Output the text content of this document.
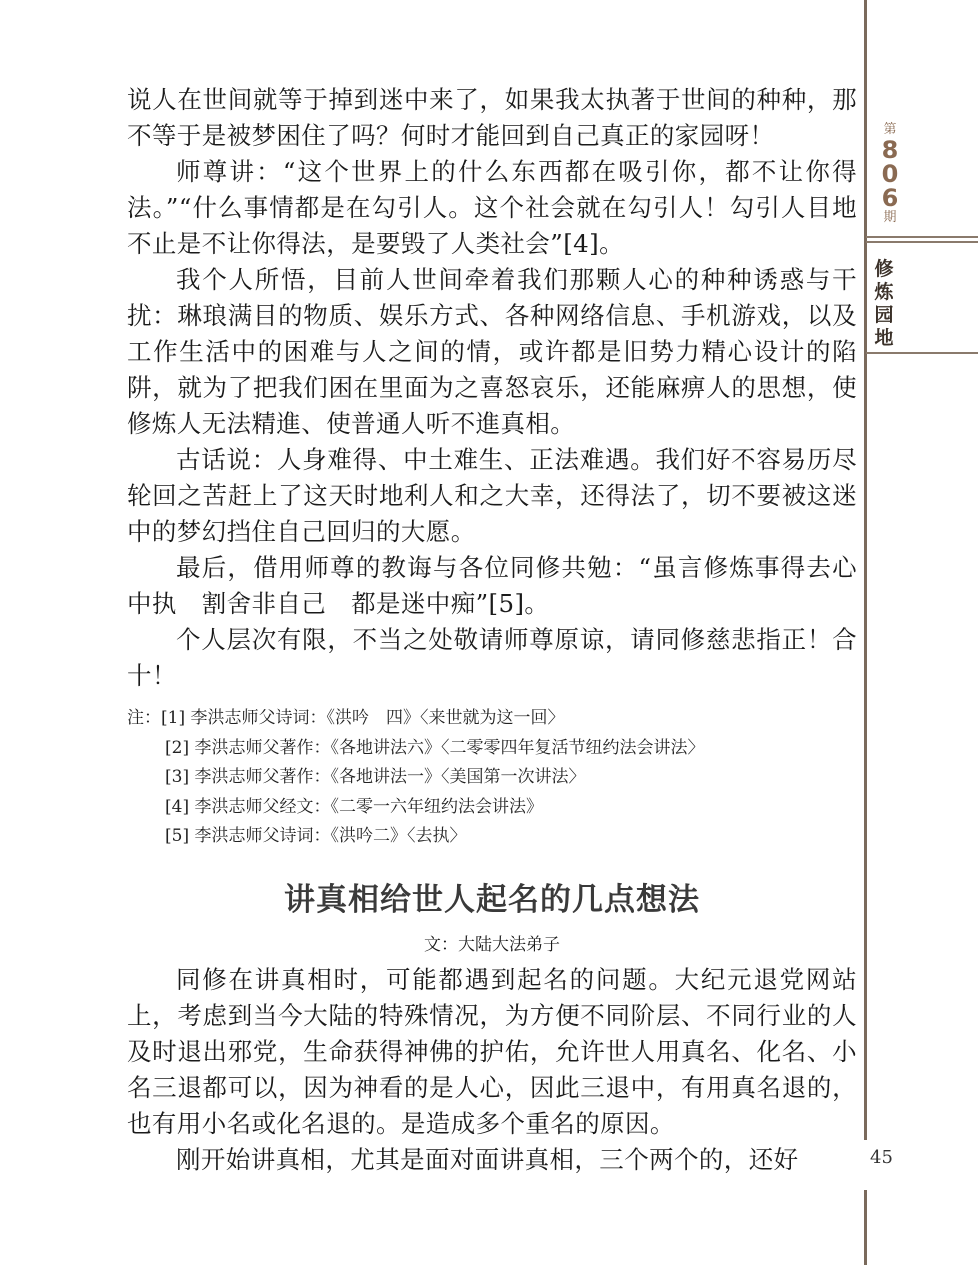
第
8
0
6
期
修
炼
园
地
45

说人在世间就等于掉到迷中来了，如果我太执著于世间的种种，那不等于是被梦困住了吗？何时才能回到自己真正的家园呀！

师尊讲：“这个世界上的什么东西都在吸引你，都不让你得法。”“什么事情都是在勾引人。这个社会就在勾引人！勾引人目地不止是不让你得法，是要毁了人类社会”[4]。

我个人所悟，目前人世间牵着我们那颗人心的种种诱惑与干扰：琳琅满目的物质、娱乐方式、各种网络信息、手机游戏，以及工作生活中的困难与人之间的情，或许都是旧势力精心设计的陷阱，就为了把我们困在里面为之喜怒哀乐，还能麻痹人的思想，使修炼人无法精進、使普通人听不進真相。

古话说：人身难得、中土难生、正法难遇。我们好不容易历尽轮回之苦赶上了这天时地利人和之大幸，还得法了，切不要被这迷中的梦幻挡住自己回归的大愿。

最后，借用师尊的教诲与各位同修共勉：“虽言修炼事得去心中执　割舍非自己　都是迷中痴”[5]。

个人层次有限，不当之处敬请师尊原谅，请同修慈悲指正！合十！

注：[1] 李洪志师父诗词：《洪吟　四》〈来世就为这一回〉
[2] 李洪志师父著作：《各地讲法六》〈二零零四年复活节纽约法会讲法〉
[3] 李洪志师父著作：《各地讲法一》〈美国第一次讲法〉
[4] 李洪志师父经文：《二零一六年纽约法会讲法》
[5] 李洪志师父诗词：《洪吟二》〈去执〉
讲真相给世人起名的几点想法
文：大陆大法弟子

同修在讲真相时，可能都遇到起名的问题。大纪元退党网站上，考虑到当今大陆的特殊情况，为方便不同阶层、不同行业的人及时退出邪党，生命获得神佛的护佑，允许世人用真名、化名、小名三退都可以，因为神看的是人心，因此三退中，有用真名退的，也有用小名或化名退的。是造成多个重名的原因。

刚开始讲真相，尤其是面对面讲真相，三个两个的，还好
